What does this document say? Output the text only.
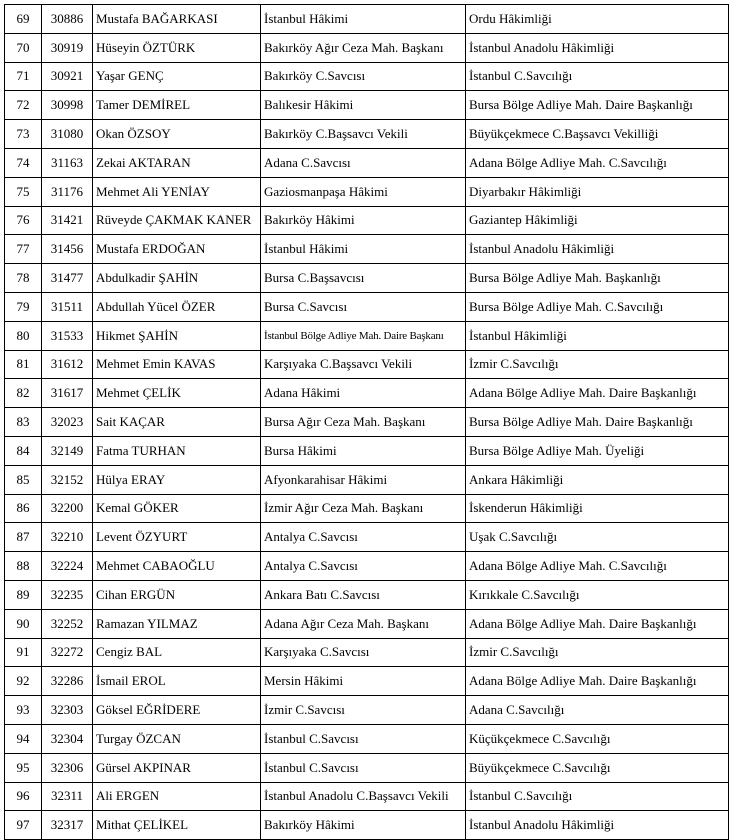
69	30886	Mustafa BAĞARKASI	İstanbul Hâkimi	Ordu Hâkimliği
70	30919	Hüseyin ÖZTÜRK	Bakırköy Ağır Ceza Mah. Başkanı	İstanbul Anadolu Hâkimliği
71	30921	Yaşar GENÇ	Bakırköy C.Savcısı	İstanbul C.Savcılığı
72	30998	Tamer DEMİREL	Balıkesir Hâkimi	Bursa Bölge Adliye Mah. Daire Başkanlığı
73	31080	Okan ÖZSOY	Bakırköy C.Başsavcı Vekili	Büyükçekmece C.Başsavcı Vekilliği
74	31163	Zekai AKTARAN	Adana C.Savcısı	Adana Bölge Adliye Mah. C.Savcılığı
75	31176	Mehmet Ali YENİAY	Gaziosmanpaşa Hâkimi	Diyarbakır Hâkimliği
76	31421	Rüveyde ÇAKMAK KANER	Bakırköy Hâkimi	Gaziantep Hâkimliği
77	31456	Mustafa ERDOĞAN	İstanbul Hâkimi	İstanbul Anadolu Hâkimliği
78	31477	Abdulkadir ŞAHİN	Bursa C.Başsavcısı	Bursa Bölge Adliye Mah. Başkanlığı
79	31511	Abdullah Yücel ÖZER	Bursa C.Savcısı	Bursa Bölge Adliye Mah. C.Savcılığı
80	31533	Hikmet ŞAHİN	İstanbul Bölge Adliye Mah. Daire Başkanı	İstanbul Hâkimliği
81	31612	Mehmet Emin KAVAS	Karşıyaka C.Başsavcı Vekili	İzmir C.Savcılığı
82	31617	Mehmet ÇELİK	Adana Hâkimi	Adana Bölge Adliye Mah. Daire Başkanlığı
83	32023	Sait KAÇAR	Bursa Ağır Ceza Mah. Başkanı	Bursa Bölge Adliye Mah. Daire Başkanlığı
84	32149	Fatma TURHAN	Bursa Hâkimi	Bursa Bölge Adliye Mah. Üyeliği
85	32152	Hülya ERAY	Afyonkarahisar Hâkimi	Ankara Hâkimliği
86	32200	Kemal GÖKER	İzmir Ağır Ceza Mah. Başkanı	İskenderun Hâkimliği
87	32210	Levent ÖZYURT	Antalya C.Savcısı	Uşak C.Savcılığı
88	32224	Mehmet CABAOĞLU	Antalya C.Savcısı	Adana Bölge Adliye Mah. C.Savcılığı
89	32235	Cihan ERGÜN	Ankara Batı C.Savcısı	Kırıkkale C.Savcılığı
90	32252	Ramazan YILMAZ	Adana Ağır Ceza Mah. Başkanı	Adana Bölge Adliye Mah. Daire Başkanlığı
91	32272	Cengiz BAL	Karşıyaka C.Savcısı	İzmir C.Savcılığı
92	32286	İsmail EROL	Mersin Hâkimi	Adana Bölge Adliye Mah. Daire Başkanlığı
93	32303	Göksel EĞRİDERE	İzmir C.Savcısı	Adana C.Savcılığı
94	32304	Turgay ÖZCAN	İstanbul C.Savcısı	Küçükçekmece C.Savcılığı
95	32306	Gürsel AKPINAR	İstanbul C.Savcısı	Büyükçekmece C.Savcılığı
96	32311	Ali ERGEN	İstanbul Anadolu C.Başsavcı Vekili	İstanbul C.Savcılığı
97	32317	Mithat ÇELİKEL	Bakırköy Hâkimi	İstanbul Anadolu Hâkimliği
